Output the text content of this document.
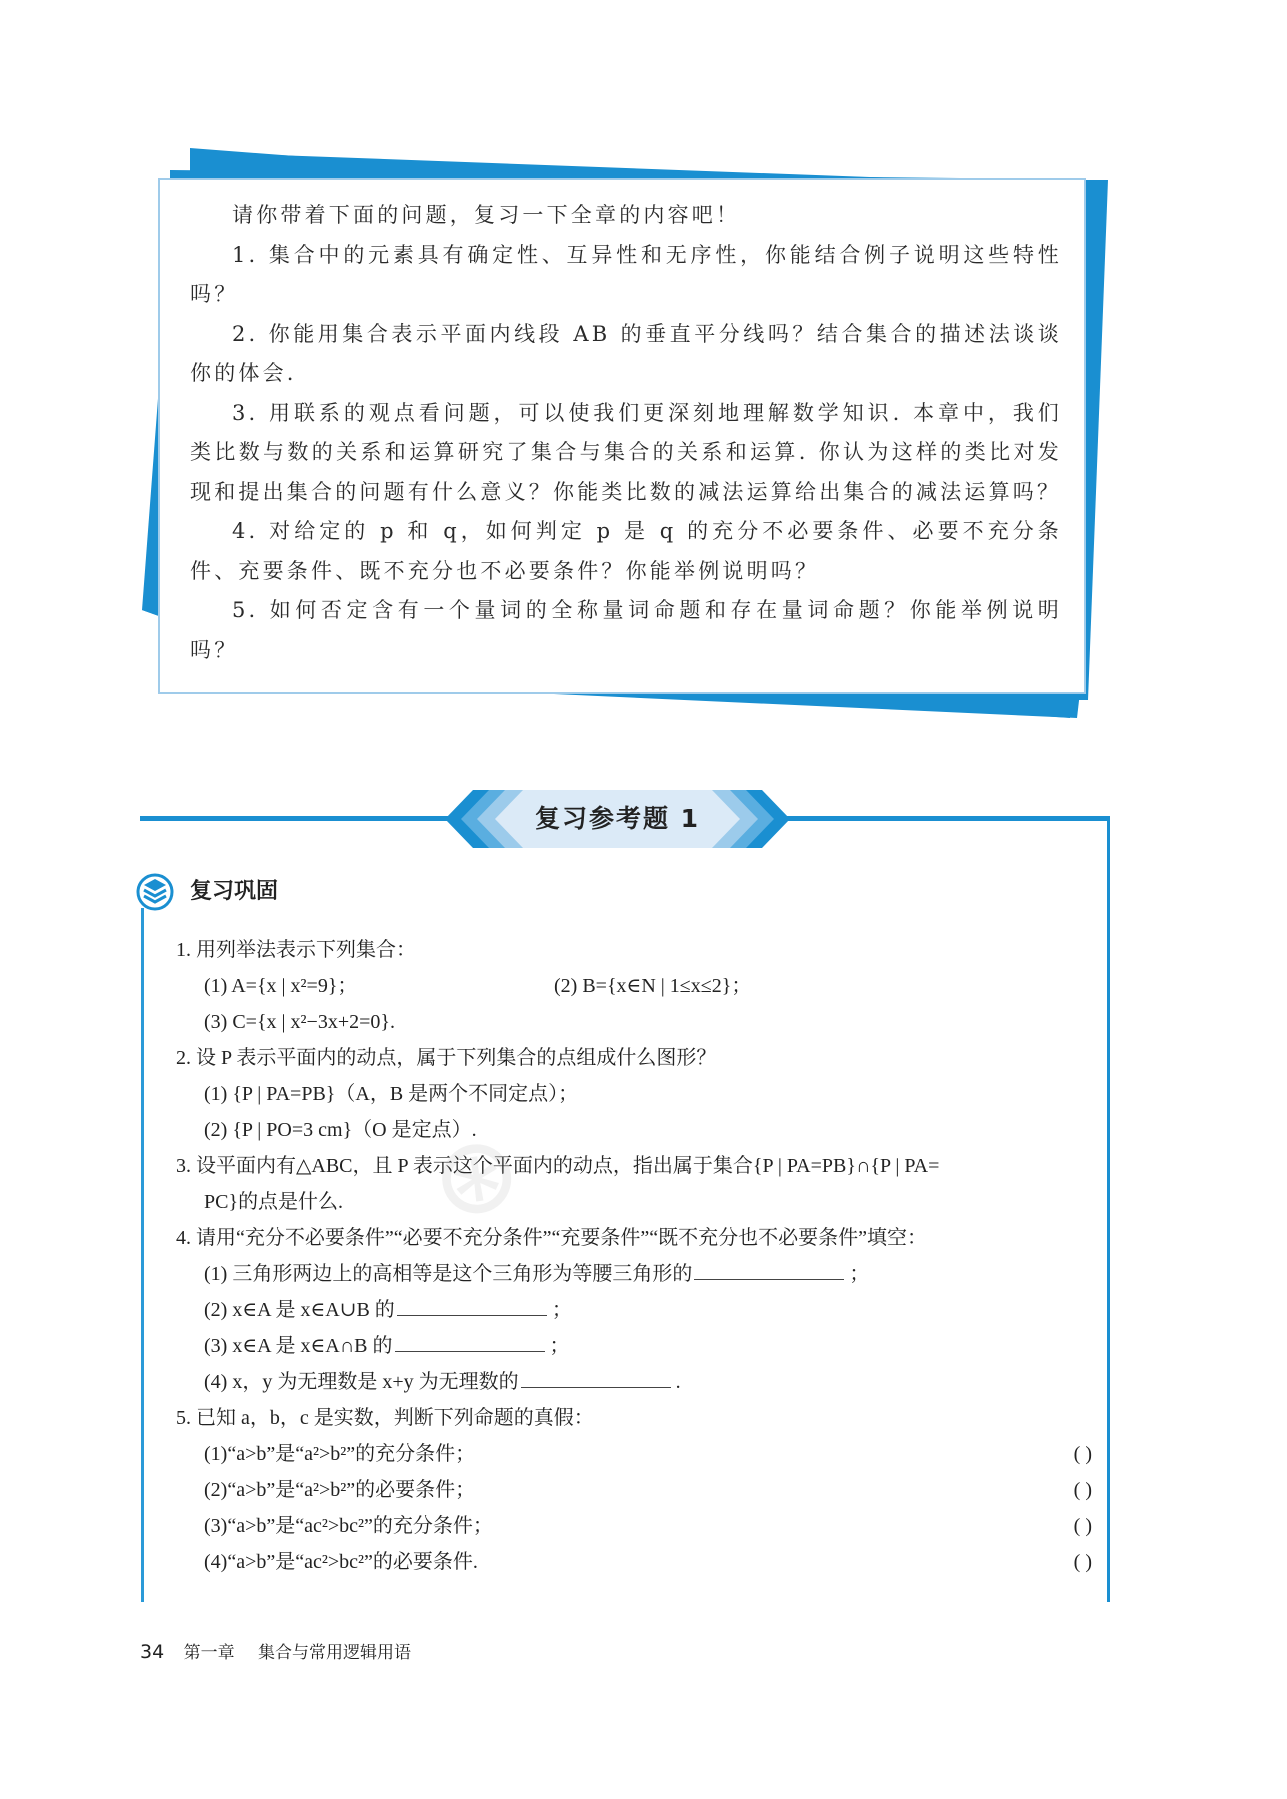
请你带着下面的问题，复习一下全章的内容吧！

1. 集合中的元素具有确定性、互异性和无序性，你能结合例子说明这些特性吗？

2. 你能用集合表示平面内线段 AB 的垂直平分线吗？结合集合的描述法谈谈你的体会.

3. 用联系的观点看问题，可以使我们更深刻地理解数学知识. 本章中，我们类比数与数的关系和运算研究了集合与集合的关系和运算. 你认为这样的类比对发现和提出集合的问题有什么意义？你能类比数的减法运算给出集合的减法运算吗？

4. 对给定的 p 和 q，如何判定 p 是 q 的充分不必要条件、必要不充分条件、充要条件、既不充分也不必要条件？你能举例说明吗？

5. 如何否定含有一个量词的全称量词命题和存在量词命题？你能举例说明吗？

复习参考题 1
复习巩固
1. 用列举法表示下列集合：
(1) A={x | x²=9}；	(2) B={x∈N | 1≤x≤2}；
(3) C={x | x²−3x+2=0}.
2. 设 P 表示平面内的动点，属于下列集合的点组成什么图形？
(1) {P | PA=PB}（A，B 是两个不同定点）；
(2) {P | PO=3 cm}（O 是定点）.
3. 设平面内有△ABC，且 P 表示这个平面内的动点，指出属于集合{P | PA=PB}∩{P | PA=
PC}的点是什么. ⊛
4. 请用“充分不必要条件”“必要不充分条件”“充要条件”“既不充分也不必要条件”填空：
(1) 三角形两边上的高相等是这个三角形为等腰三角形的	；
(2) x∈A 是 x∈A∪B 的	；
(3) x∈A 是 x∈A∩B 的	；
(4) x，y 为无理数是 x+y 为无理数的	.
5. 已知 a，b，c 是实数，判断下列命题的真假：
(1)“a>b”是“a²>b²”的充分条件；	( )
(2)“a>b”是“a²>b²”的必要条件；	( )
(3)“a>b”是“ac²>bc²”的充分条件；	( )
(4)“a>b”是“ac²>bc²”的必要条件.	( )
34 第一章 集合与常用逻辑用语
